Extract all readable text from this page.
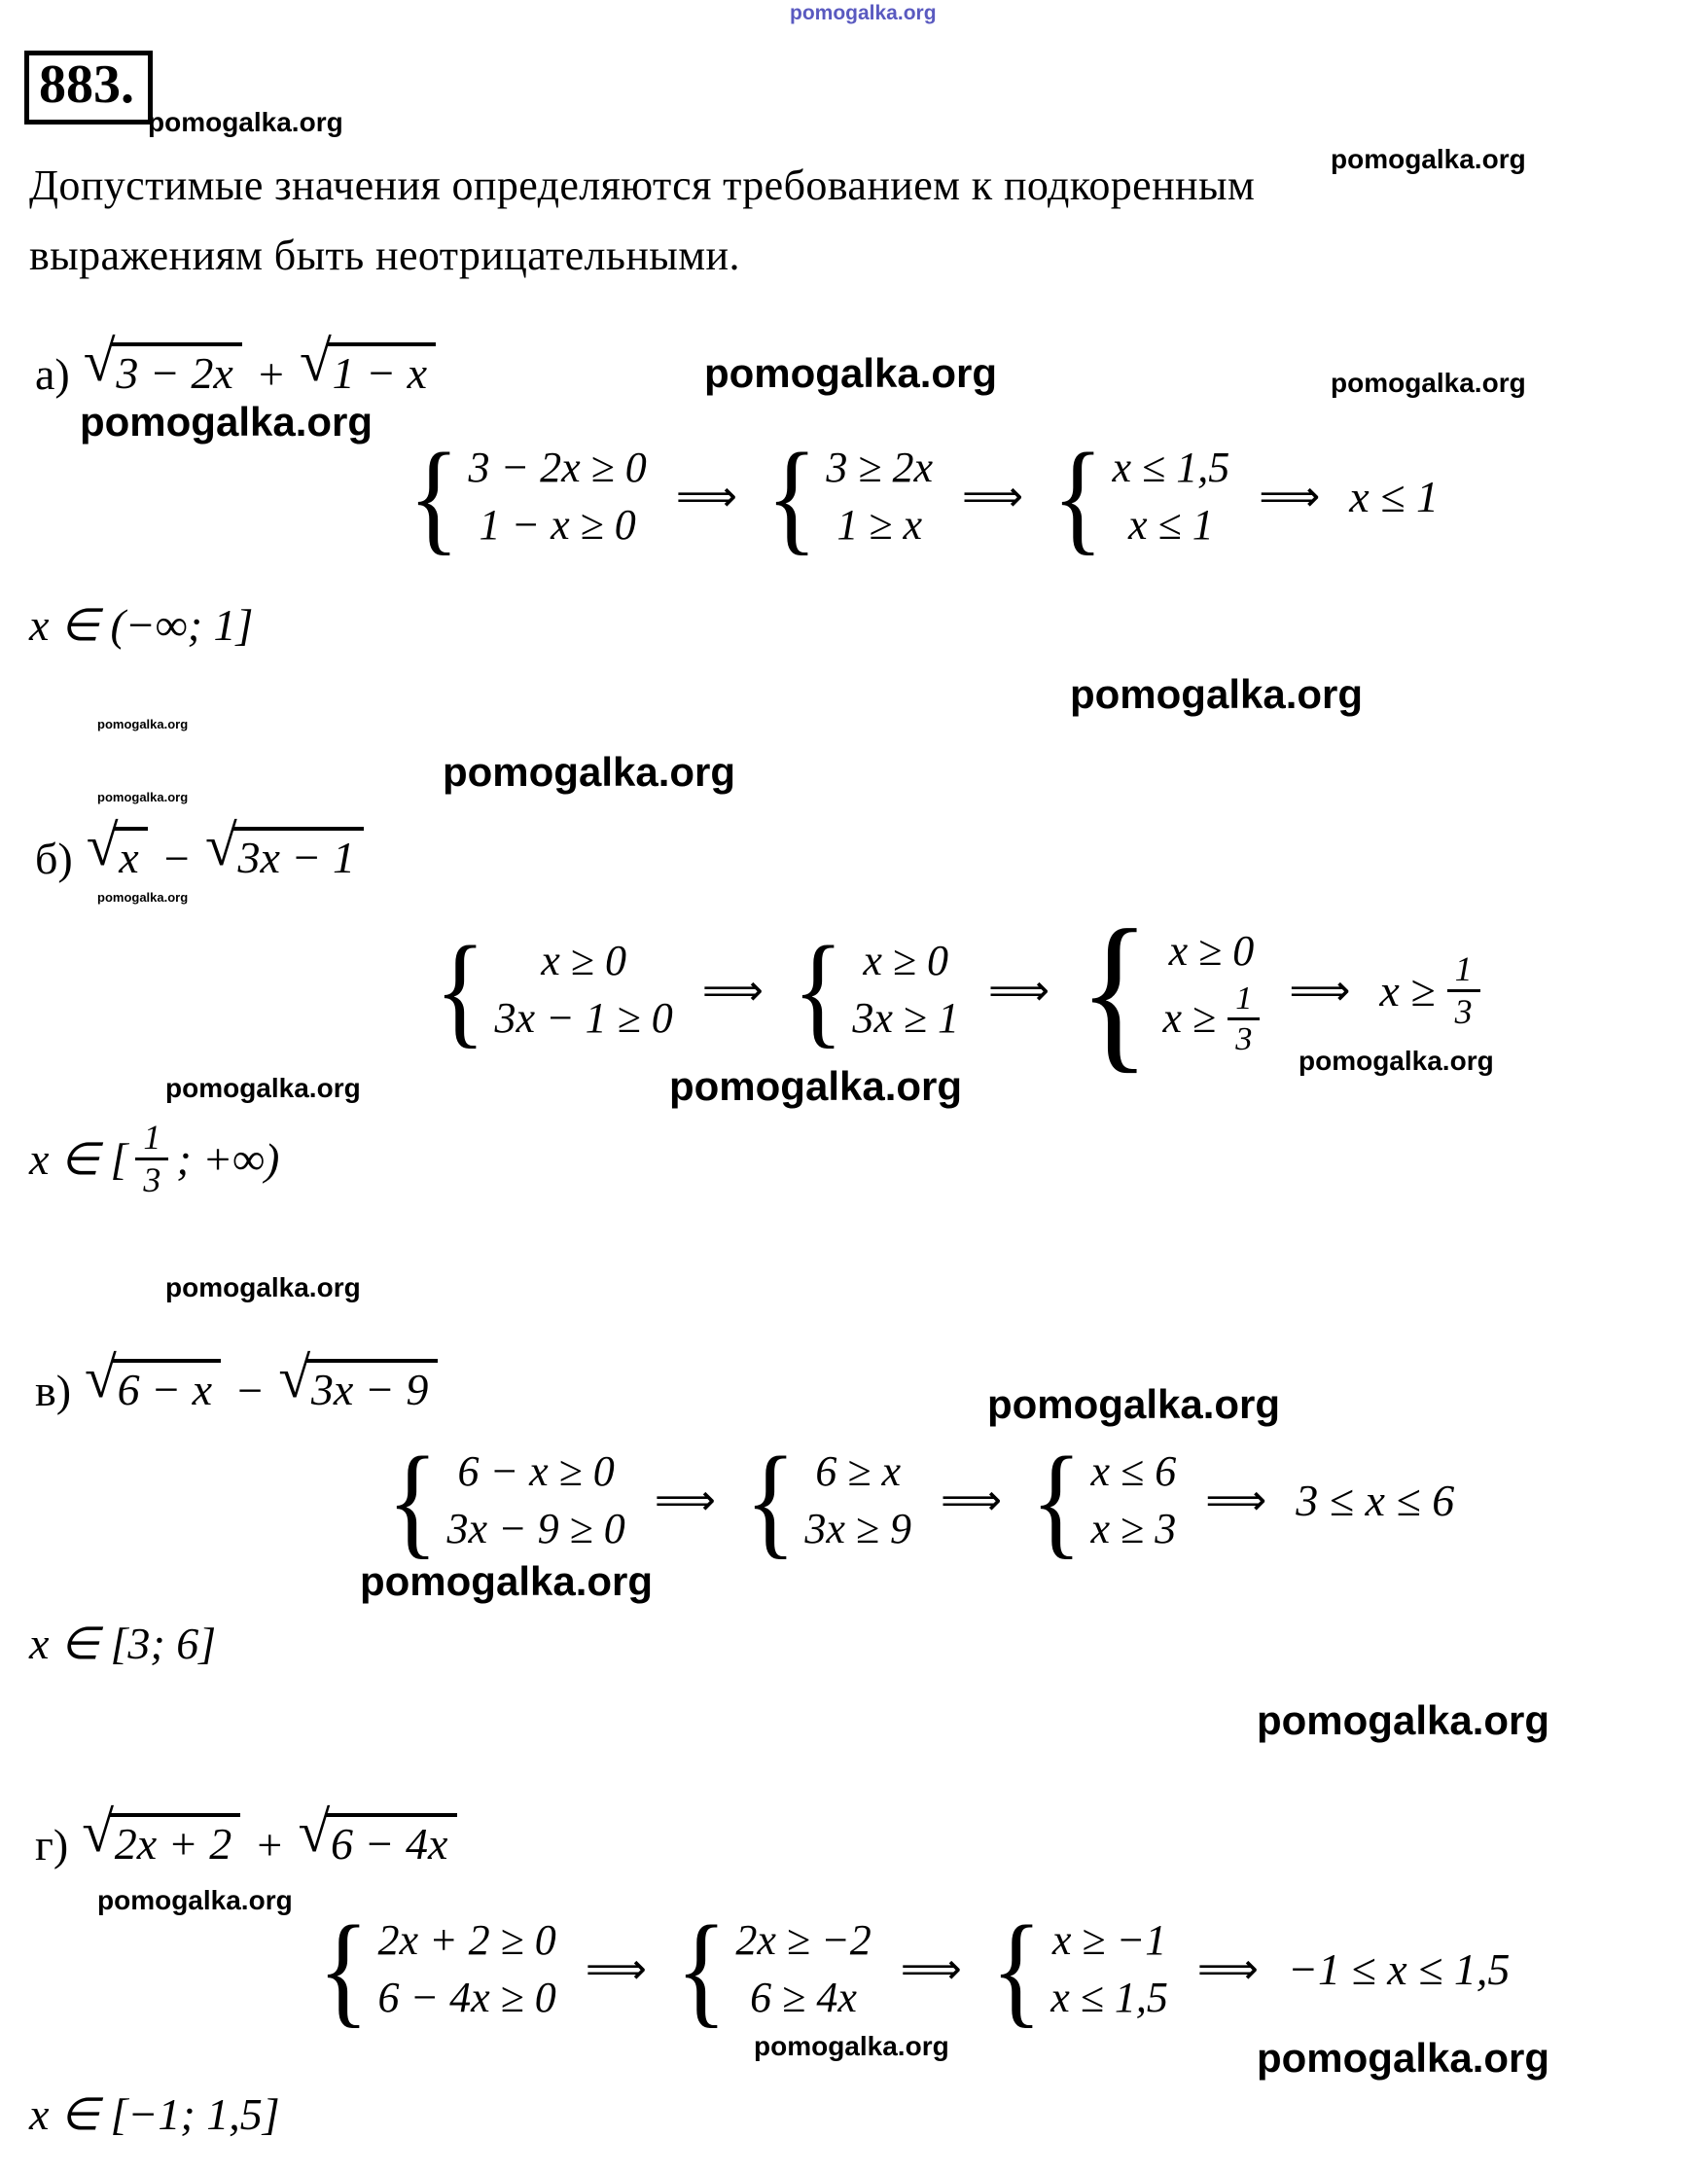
pomogalka.org
883.
pomogalka.org
pomogalka.org
Допустимые значения определяются требованием к подкоренным
выражениям быть неотрицательными.
а) √ 3 − 2x + √ 1 − x	pomogalka.org	pomogalka.org
pomogalka.org
{ 3 − 2x ≥ 0
1 − x ≥ 0
⟹ { 3 ≥ 2x
1 ≥ x
⟹ { x ≤ 1,5
x ≤ 1
⟹ x ≤ 1
x ∈ (−∞; 1]
pomogalka.org
pomogalka.org
pomogalka.org
pomogalka.org
б) √ x − √ 3x − 1
pomogalka.org
{ x ≥ 0
3x − 1 ≥ 0
⟹ { x ≥ 0
3x ≥ 1
⟹ { x ≥ 0
$x \ge \frac{1}{3}$ ⟹ $x \ge \frac{1}{3}$
pomogalka.org	pomogalka.org
pomogalka.org
x ∈ [ $\frac{1}{3}$ ; +∞)
pomogalka.org
в) √ 6 − x − √ 3x − 9	pomogalka.org
{ 6 − x ≥ 0
3x − 9 ≥ 0
⟹ { 6 ≥ x
3x ≥ 9
⟹ { x ≤ 6
x ≥ 3
⟹ 3 ≤ x ≤ 6
pomogalka.org
x ∈ [3; 6]
pomogalka.org
г) √ 2x + 2 + √ 6 − 4x
pomogalka.org
{ 2x + 2 ≥ 0
6 − 4x ≥ 0
⟹ { 2x ≥ −2
6 ≥ 4x
⟹ { x ≥ −1
x ≤ 1,5
⟹ −1 ≤ x ≤ 1,5
pomogalka.org	pomogalka.org
x ∈ [−1; 1,5]
